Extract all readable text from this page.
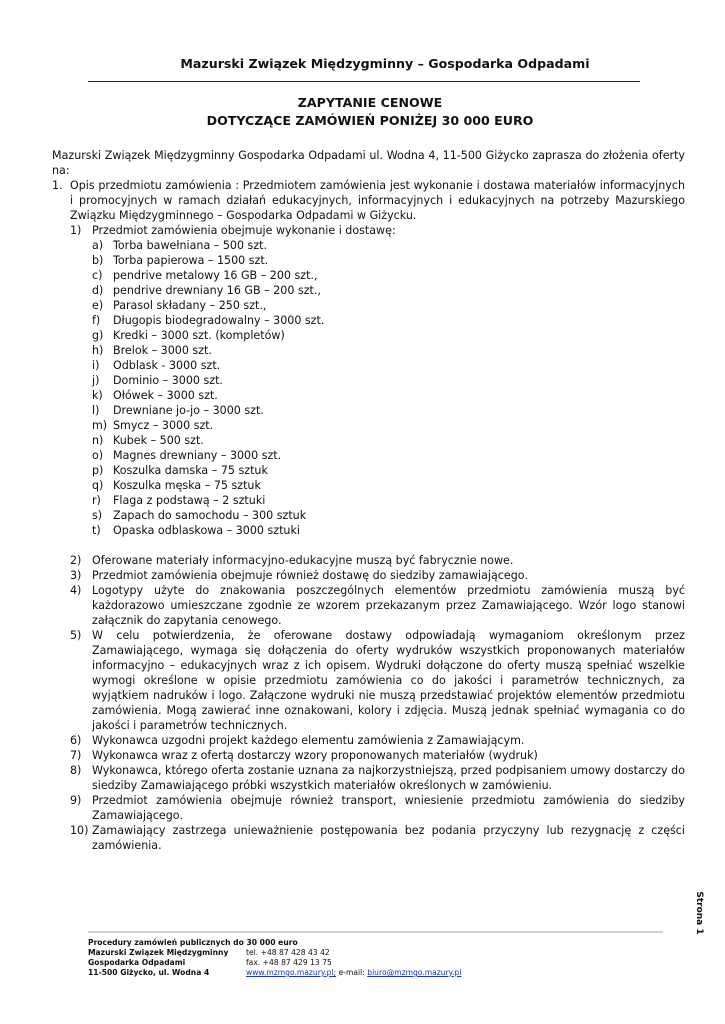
Mazurski Związek Międzygminny – Gospodarka Odpadami
ZAPYTANIE CENOWE
DOTYCZĄCE ZAMÓWIEŃ PONIŻEJ 30 000 EURO

Mazurski Związek Międzygminny Gospodarka Odpadami ul. Wodna 4, 11-500 Giżycko zaprasza do złożenia oferty na:

1. Opis przedmiotu zamówienia : Przedmiotem zamówienia jest wykonanie i dostawa materiałów informacyjnych i promocyjnych w ramach działań edukacyjnych, informacyjnych i edukacyjnych na potrzeby Mazurskiego Związku Międzygminnego – Gospodarka Odpadami w Giżycku.
1) Przedmiot zamówienia obejmuje wykonanie i dostawę:
a) Torba bawełniana – 500 szt.
b) Torba papierowa – 1500 szt.
c) pendrive metalowy 16 GB – 200 szt.,
d) pendrive drewniany 16 GB – 200 szt.,
e) Parasol składany – 250 szt.,
f)	Długopis biodegradowalny – 3000 szt.
g) Kredki – 3000 szt. (kompletów)
h) Brelok – 3000 szt.
i)	Odblask - 3000 szt.
j)	Dominio – 3000 szt.
k) Ołówek – 3000 szt.
l)	Drewniane jo-jo – 3000 szt.
m) Smycz – 3000 szt.
n) Kubek – 500 szt.
o) Magnes drewniany – 3000 szt.
p) Koszulka damska – 75 sztuk
q) Koszulka męska – 75 sztuk
r)	Flaga z podstawą – 2 sztuki
s) Zapach do samochodu – 300 sztuk
t)	Opaska odblaskowa – 3000 sztuki
2) Oferowane materiały informacyjno-edukacyjne muszą być fabrycznie nowe.
3) Przedmiot zamówienia obejmuje również dostawę do siedziby zamawiającego.
4) Logotypy użyte do znakowania poszczególnych elementów przedmiotu zamówienia muszą być każdorazowo umieszczane zgodnie ze wzorem przekazanym przez Zamawiającego. Wzór logo stanowi załącznik do zapytania cenowego.
5) W celu potwierdzenia, że oferowane dostawy odpowiadają wymaganiom określonym przez Zamawiającego, wymaga się dołączenia do oferty wydruków wszystkich proponowanych materiałów informacyjno – edukacyjnych wraz z ich opisem. Wydruki dołączone do oferty muszą spełniać wszelkie wymogi określone w opisie przedmiotu zamówienia co do jakości i parametrów technicznych, za wyjątkiem nadruków i logo. Załączone wydruki nie muszą przedstawiać projektów elementów przedmiotu zamówienia. Mogą zawierać inne oznakowani, kolory i zdjęcia. Muszą jednak spełniać wymagania co do jakości i parametrów technicznych.
6) Wykonawca uzgodni projekt każdego elementu zamówienia z Zamawiającym.
7) Wykonawca wraz z ofertą dostarczy wzory proponowanych materiałów (wydruk)
8) Wykonawca, którego oferta zostanie uznana za najkorzystniejszą, przed podpisaniem umowy dostarczy do siedziby Zamawiającego próbki wszystkich materiałów określonych w zamówieniu.
9) Przedmiot zamówienia obejmuje również transport, wniesienie przedmiotu zamówienia do siedziby Zamawiającego.
10) Zamawiający zastrzega unieważnienie postępowania bez podania przyczyny lub rezygnację z części zamówienia.
Strona 1
Procedury zamówień publicznych do 30 000 euro
Mazurski Związek Międzygminny	tel. +48 87 428 43 42
Gospodarka Odpadami	fax. +48 87 429 13 75
11-500 Giżycko, ul. Wodna 4	www.mzmgo.mazury.pl; e-mail: biuro@mzmgo.mazury.pl
